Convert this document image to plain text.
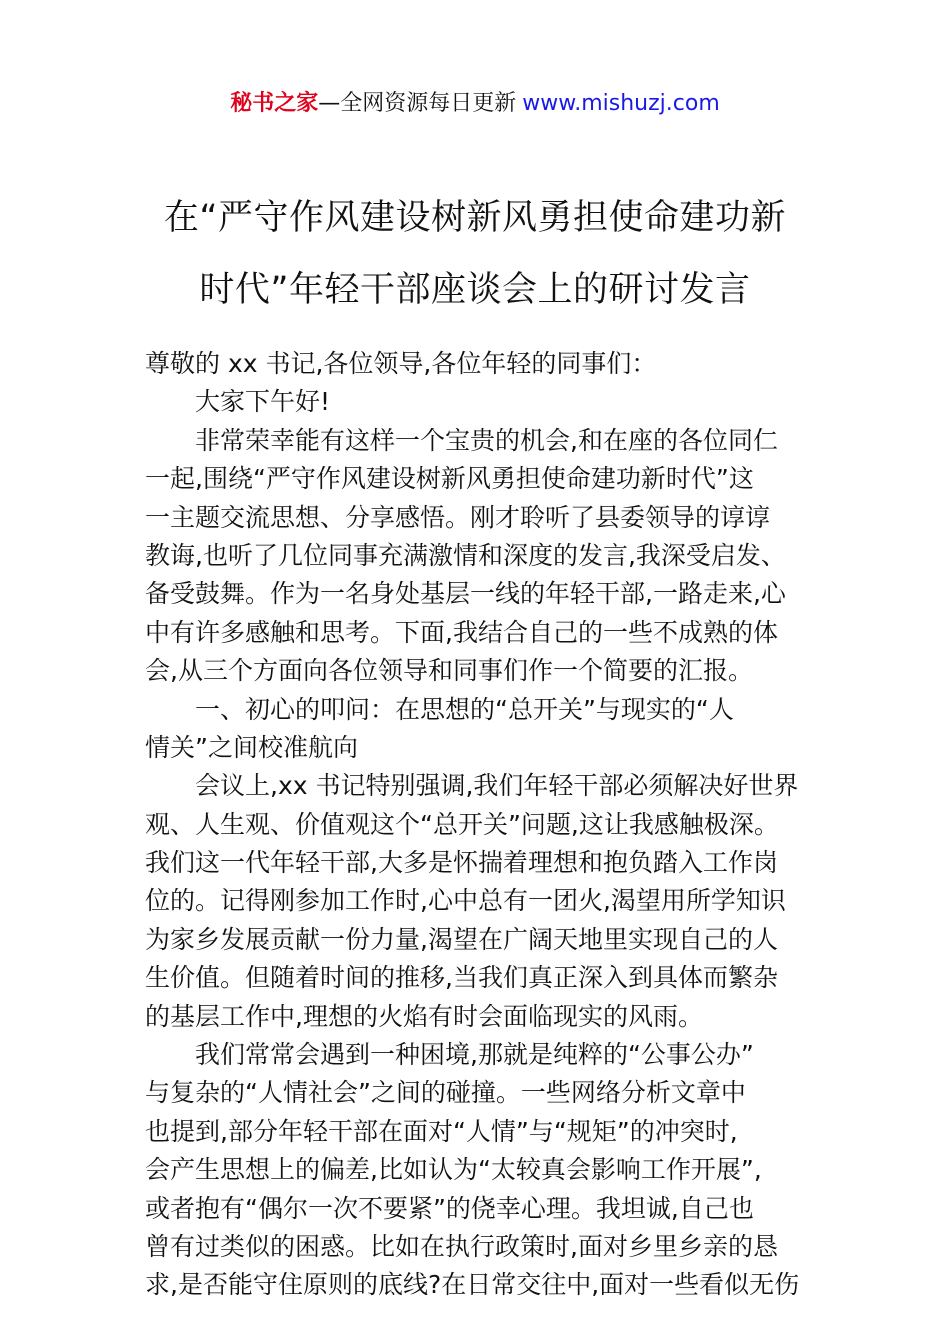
秘书之家—全网资源每日更新 www.mishuzj.com
在“严守作风建设树新风勇担使命建功新
时代”年轻干部座谈会上的研讨发言
尊敬的 xx 书记,各位领导,各位年轻的同事们：
大家下午好!
非常荣幸能有这样一个宝贵的机会,和在座的各位同仁
一起,围绕“严守作风建设树新风勇担使命建功新时代”这
一主题交流思想、分享感悟。刚才聆听了县委领导的谆谆
教诲,也听了几位同事充满激情和深度的发言,我深受启发、
备受鼓舞。作为一名身处基层一线的年轻干部,一路走来,心
中有许多感触和思考。下面,我结合自己的一些不成熟的体
会,从三个方面向各位领导和同事们作一个简要的汇报。
一、初心的叩问：在思想的“总开关”与现实的“人
情关”之间校准航向
会议上,xx 书记特别强调,我们年轻干部必须解决好世界
观、人生观、价值观这个“总开关”问题,这让我感触极深。
我们这一代年轻干部,大多是怀揣着理想和抱负踏入工作岗
位的。记得刚参加工作时,心中总有一团火,渴望用所学知识
为家乡发展贡献一份力量,渴望在广阔天地里实现自己的人
生价值。但随着时间的推移,当我们真正深入到具体而繁杂
的基层工作中,理想的火焰有时会面临现实的风雨。
我们常常会遇到一种困境,那就是纯粹的“公事公办”
与复杂的“人情社会”之间的碰撞。一些网络分析文章中
也提到,部分年轻干部在面对“人情”与“规矩”的冲突时,
会产生思想上的偏差,比如认为“太较真会影响工作开展”,
或者抱有“偶尔一次不要紧”的侥幸心理。我坦诚,自己也
曾有过类似的困惑。比如在执行政策时,面对乡里乡亲的恳
求,是否能守住原则的底线?在日常交往中,面对一些看似无伤
